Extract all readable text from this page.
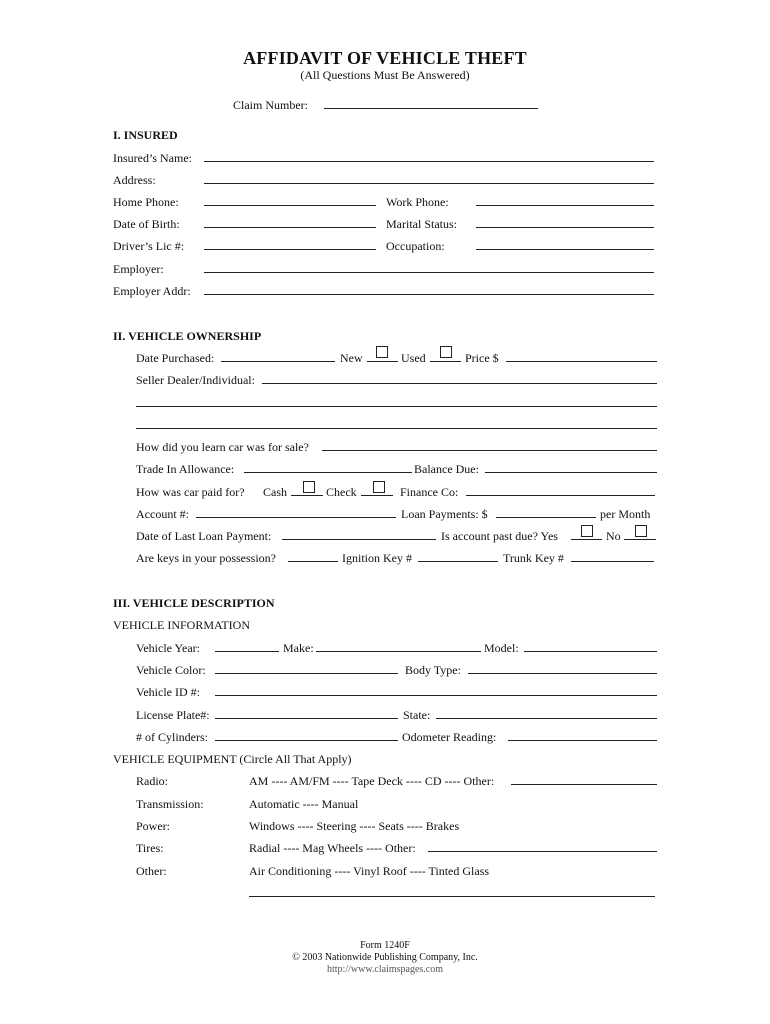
AFFIDAVIT OF VEHICLE THEFT
(All Questions Must Be Answered)
Claim Number:
I. INSURED
Insured’s Name:
Address:
Home Phone:	Work Phone:
Date of Birth:	Marital Status:
Driver’s Lic #:	Occupation:
Employer:
Employer Addr:
II. VEHICLE OWNERSHIP
Date Purchased:	New	Used	Price $
Seller Dealer/Individual:
How did you learn car was for sale?
Trade In Allowance:	Balance Due:
How was car paid for? Cash	Check	Finance Co:
Account #:	Loan Payments: $	per Month
Date of Last Loan Payment:	Is account past due? Yes	No
Are keys in your possession?	Ignition Key #	Trunk Key #
III. VEHICLE DESCRIPTION
VEHICLE INFORMATION
Vehicle Year:	Make:	Model:
Vehicle Color:	Body Type:
Vehicle ID #:
License Plate#:	State:
# of Cylinders:	Odometer Reading:
VEHICLE EQUIPMENT (Circle All That Apply)
Radio:	AM ---- AM/FM ---- Tape Deck ---- CD ---- Other:
Transmission:	Automatic ---- Manual
Power:	Windows ---- Steering ---- Seats ---- Brakes
Tires:	Radial ---- Mag Wheels ---- Other:
Other:	Air Conditioning ---- Vinyl Roof ---- Tinted Glass
Form 1240F
© 2003 Nationwide Publishing Company, Inc.
http://www.claimspages.com
